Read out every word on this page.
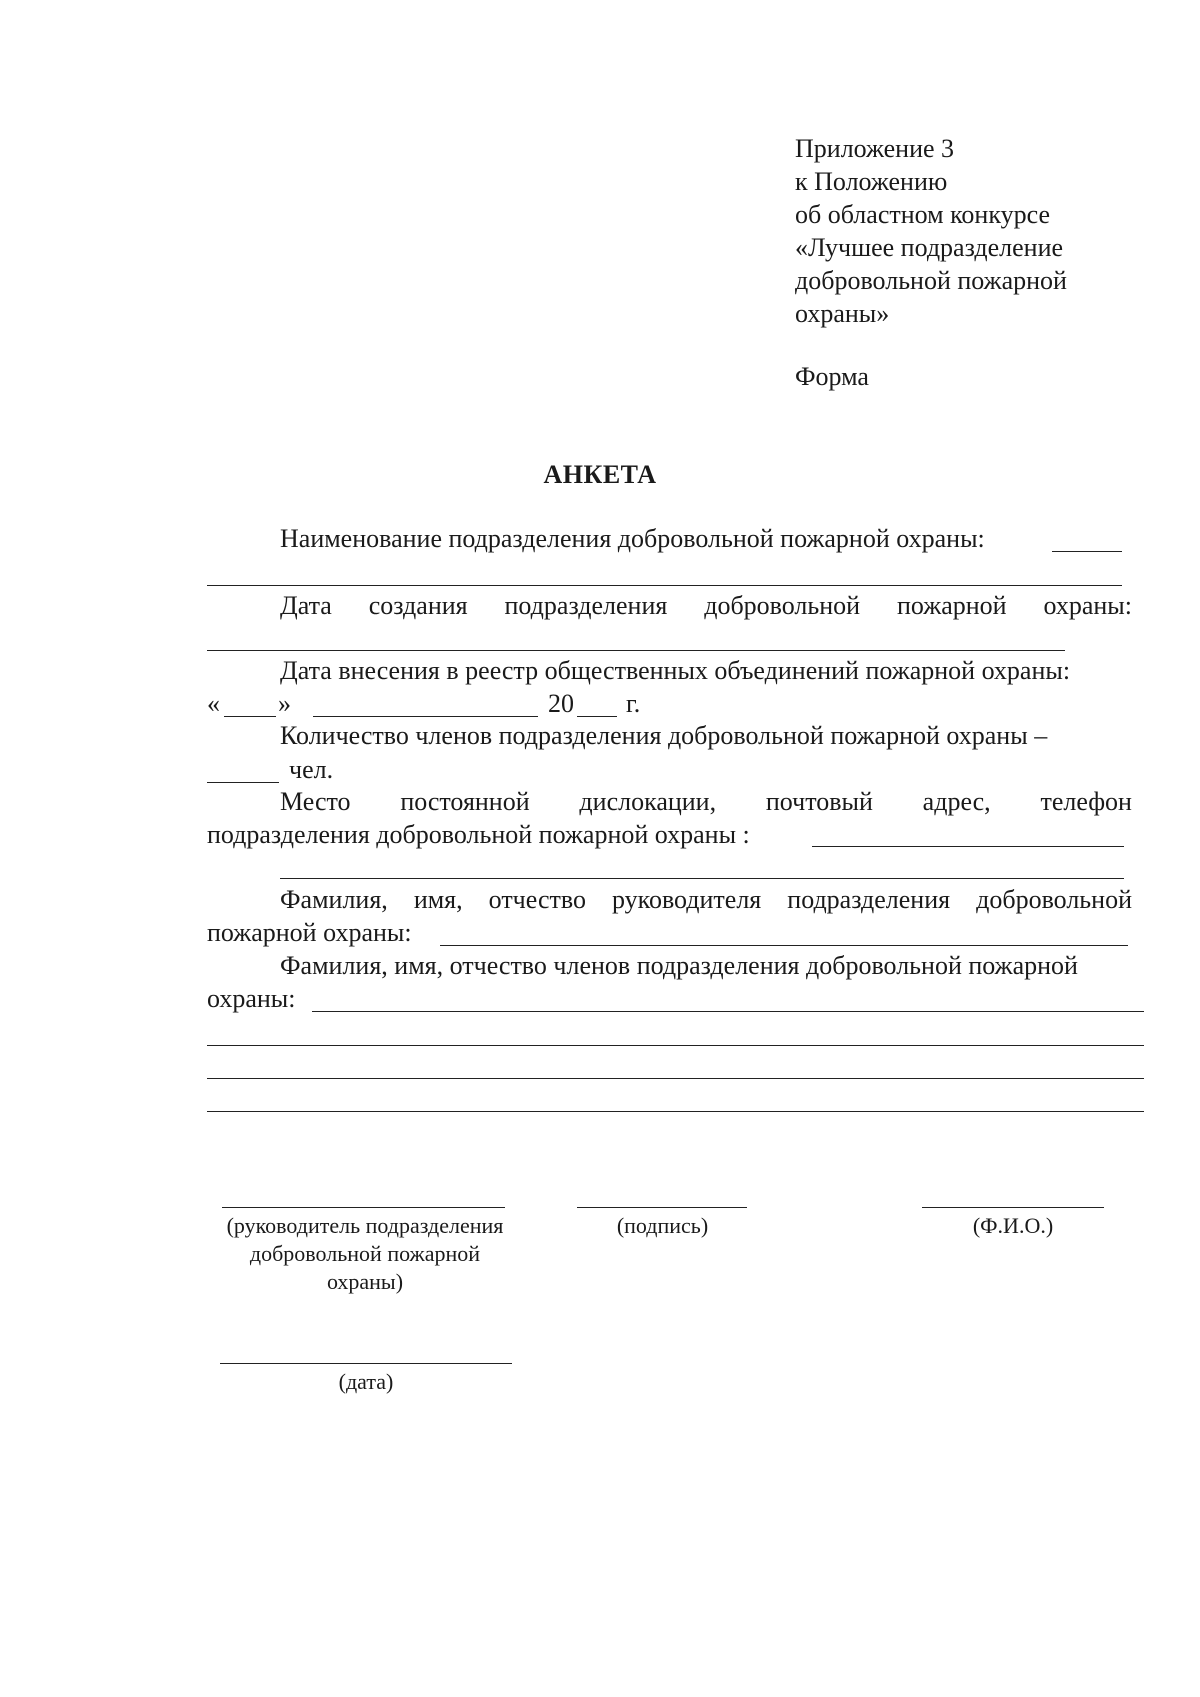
Приложение 3
к Положению
об областном конкурсе
«Лучшее подразделение
добровольной пожарной
охраны»
Форма
АНКЕТА
Наименование подразделения добровольной пожарной охраны:
Дата создания подразделения добровольной пожарной охраны:
Дата внесения в реестр общественных объединений пожарной охраны:
« »	20 г.
Количество членов подразделения добровольной пожарной охраны –
чел.
Место постоянной дислокации, почтовый адрес, телефон
подразделения добровольной пожарной охраны :
Фамилия, имя, отчество руководителя подразделения добровольной
пожарной охраны:
Фамилия, имя, отчество членов подразделения добровольной пожарной
охраны:
(руководитель подразделения
добровольной пожарной
охраны)
(подпись)	(Ф.И.О.)
(дата)
